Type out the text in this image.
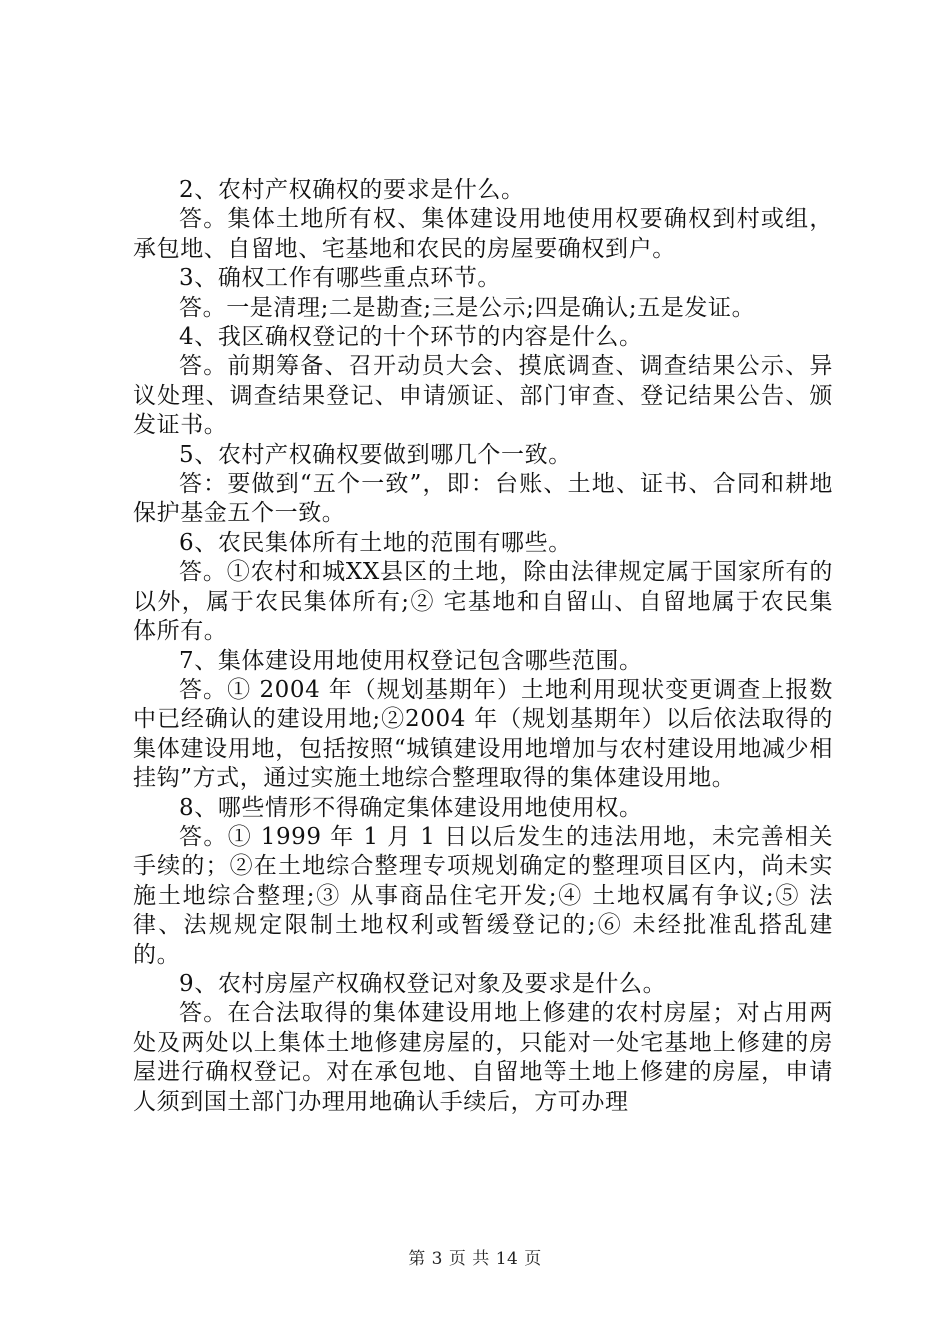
2、农村产权确权的要求是什么。

答。集体土地所有权、集体建设用地使用权要确权到村或组，承包地、自留地、宅基地和农民的房屋要确权到户。

3、确权工作有哪些重点环节。

答。一是清理;二是勘查;三是公示;四是确认;五是发证。

4、我区确权登记的十个环节的内容是什么。

答。前期筹备、召开动员大会、摸底调查、调查结果公示、异议处理、调查结果登记、申请颁证、部门审查、登记结果公告、颁发证书。

5、农村产权确权要做到哪几个一致。

答：要做到“五个一致”，即：台账、土地、证书、合同和耕地保护基金五个一致。

6、农民集体所有土地的范围有哪些。

答。①农村和城XX县区的土地，除由法律规定属于国家所有的以外，属于农民集体所有;② 宅基地和自留山、自留地属于农民集体所有。

7、集体建设用地使用权登记包含哪些范围。

答。① 2004 年（规划基期年）土地利用现状变更调查上报数中已经确认的建设用地;②2004 年（规划基期年）以后依法取得的集体建设用地，包括按照“城镇建设用地增加与农村建设用地减少相挂钩”方式，通过实施土地综合整理取得的集体建设用地。

8、哪些情形不得确定集体建设用地使用权。

答。① 1999 年 1 月 1 日以后发生的违法用地，未完善相关手续的；②在土地综合整理专项规划确定的整理项目区内，尚未实施土地综合整理;③ 从事商品住宅开发;④ 土地权属有争议;⑤ 法律、法规规定限制土地权利或暂缓登记的;⑥ 未经批准乱搭乱建的。

9、农村房屋产权确权登记对象及要求是什么。

答。在合法取得的集体建设用地上修建的农村房屋；对占用两处及两处以上集体土地修建房屋的，只能对一处宅基地上修建的房屋进行确权登记。对在承包地、自留地等土地上修建的房屋，申请人须到国土部门办理用地确认手续后，方可办理

第 3 页 共 14 页
